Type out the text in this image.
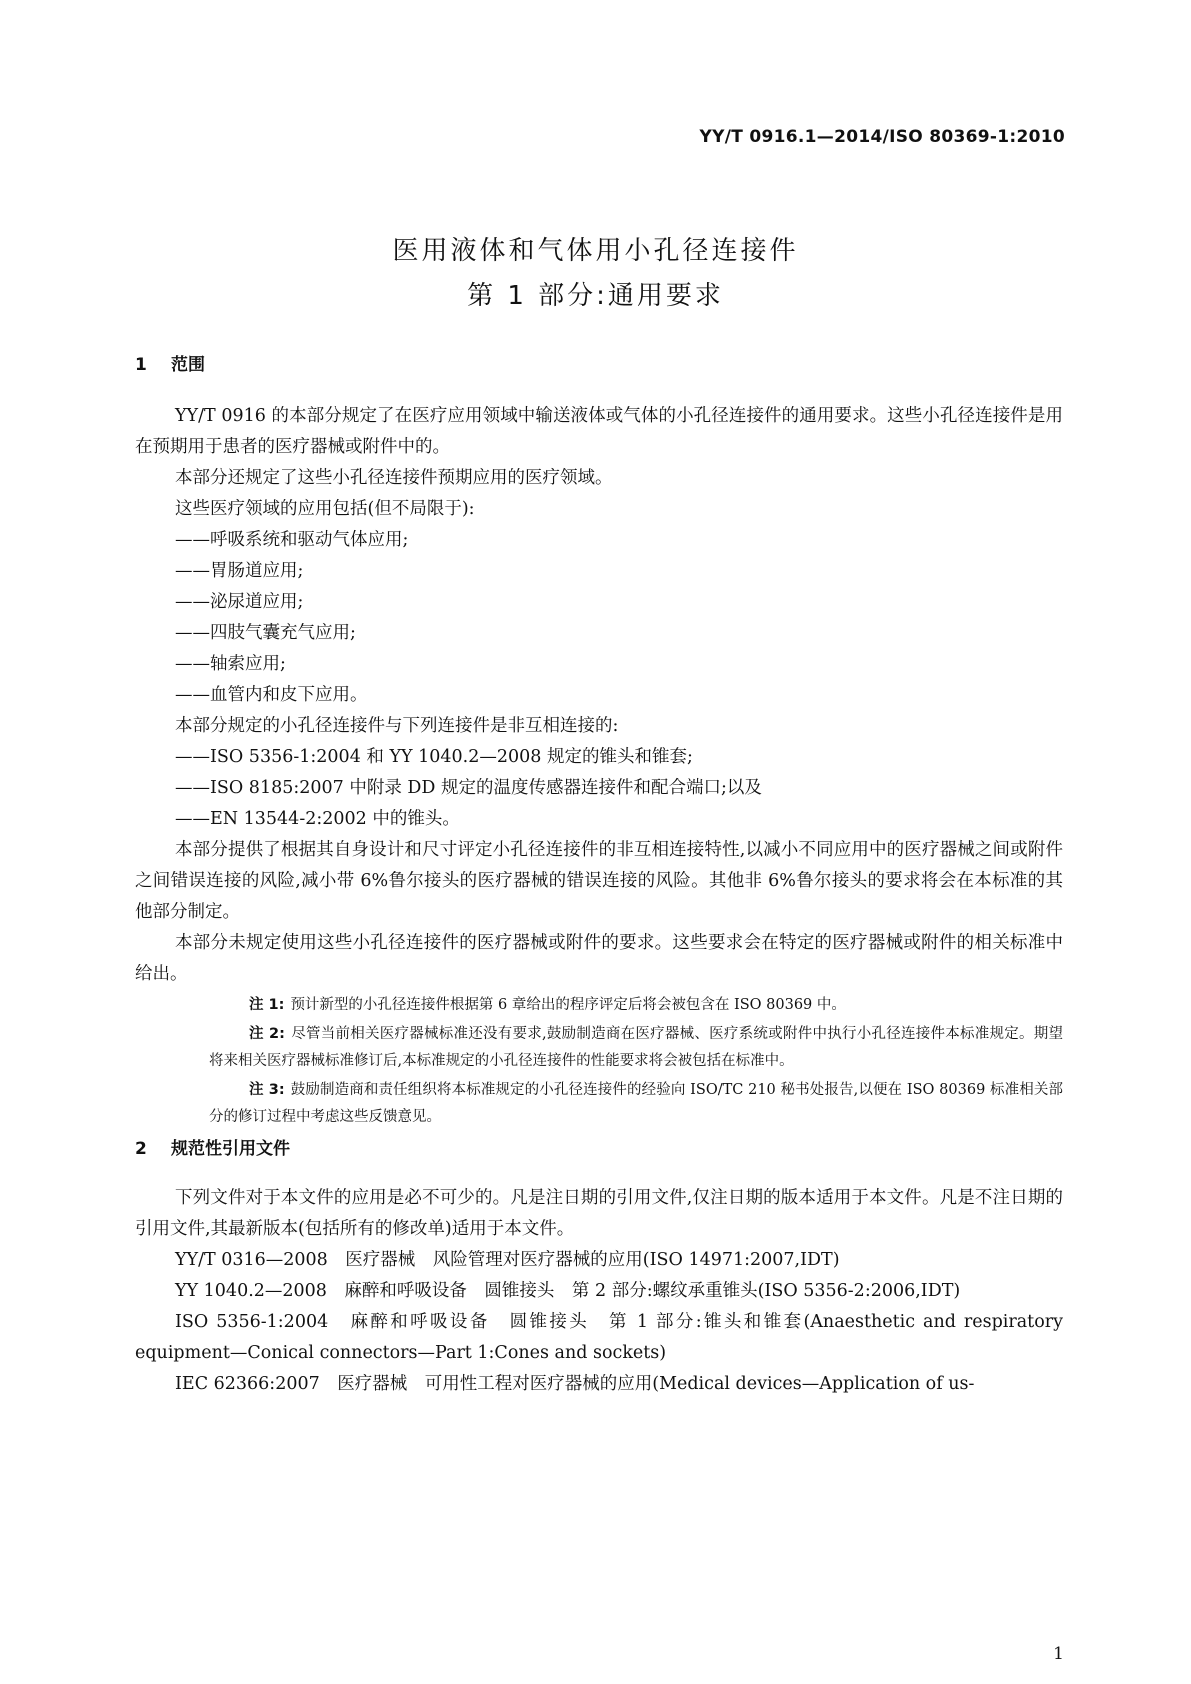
YY/T 0916.1—2014/ISO 80369-1:2010
医用液体和气体用小孔径连接件
第 1 部分:通用要求
1 范围

YY/T 0916 的本部分规定了在医疗应用领域中输送液体或气体的小孔径连接件的通用要求。这些小孔径连接件是用在预期用于患者的医疗器械或附件中的。

本部分还规定了这些小孔径连接件预期应用的医疗领域。

这些医疗领域的应用包括(但不局限于):

——呼吸系统和驱动气体应用;

——胃肠道应用;

——泌尿道应用;

——四肢气囊充气应用;

——轴索应用;

——血管内和皮下应用。

本部分规定的小孔径连接件与下列连接件是非互相连接的:

——ISO 5356-1:2004 和 YY 1040.2—2008 规定的锥头和锥套;

——ISO 8185:2007 中附录 DD 规定的温度传感器连接件和配合端口;以及

——EN 13544-2:2002 中的锥头。

本部分提供了根据其自身设计和尺寸评定小孔径连接件的非互相连接特性,以减小不同应用中的医疗器械之间或附件之间错误连接的风险,减小带 6%鲁尔接头的医疗器械的错误连接的风险。其他非 6%鲁尔接头的要求将会在本标准的其他部分制定。

本部分未规定使用这些小孔径连接件的医疗器械或附件的要求。这些要求会在特定的医疗器械或附件的相关标准中给出。

注 1: 预计新型的小孔径连接件根据第 6 章给出的程序评定后将会被包含在 ISO 80369 中。

注 2: 尽管当前相关医疗器械标准还没有要求,鼓励制造商在医疗器械、医疗系统或附件中执行小孔径连接件本标准规定。期望将来相关医疗器械标准修订后,本标准规定的小孔径连接件的性能要求将会被包括在标准中。

注 3: 鼓励制造商和责任组织将本标准规定的小孔径连接件的经验向 ISO/TC 210 秘书处报告,以便在 ISO 80369 标准相关部分的修订过程中考虑这些反馈意见。

2 规范性引用文件

下列文件对于本文件的应用是必不可少的。凡是注日期的引用文件,仅注日期的版本适用于本文件。凡是不注日期的引用文件,其最新版本(包括所有的修改单)适用于本文件。

YY/T 0316—2008　医疗器械　风险管理对医疗器械的应用(ISO 14971:2007,IDT)

YY 1040.2—2008　麻醉和呼吸设备　圆锥接头　第 2 部分:螺纹承重锥头(ISO 5356-2:2006,IDT)

ISO 5356-1:2004　麻醉和呼吸设备　圆锥接头　第 1 部分:锥头和锥套(Anaesthetic and respiratory equipment—Conical connectors—Part 1:Cones and sockets)

IEC 62366:2007　医疗器械　可用性工程对医疗器械的应用(Medical devices—Application of us-

1
